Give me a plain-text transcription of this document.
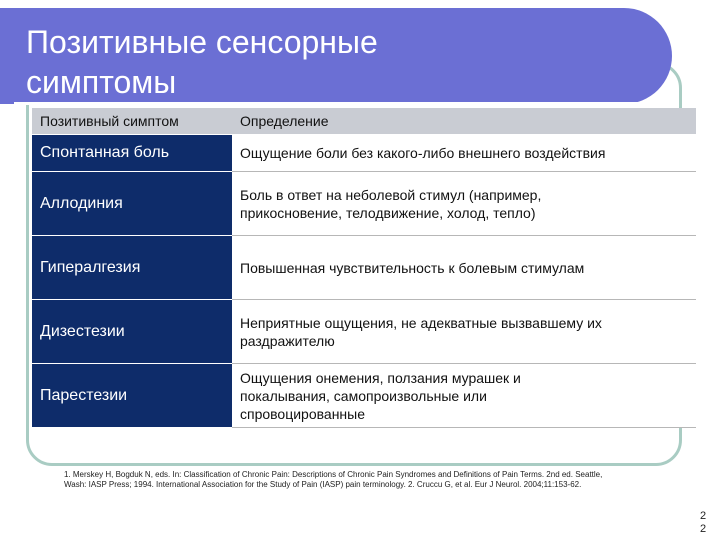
Позитивные сенсорные
симптомы
Позитивный симптом	Определение
Спонтанная боль	Ощущение боли без какого-либо внешнего воздействия
Аллодиния	Боль в ответ на неболевой стимул (например,
прикосновение, телодвижение, холод, тепло)
Гипералгезия	Повышенная чувствительность к болевым стимулам
Дизестезии	Неприятные ощущения, не адекватные вызвавшему их
раздражителю
Парестезии	Ощущения онемения, ползания мурашек и
покалывания, самопроизвольные или
спровоцированные
1. Merskey H, Bogduk N, eds. In: Classification of Chronic Pain: Descriptions of Chronic Pain Syndromes and Definitions of Pain Terms. 2nd ed. Seattle, Wash: IASP Press; 1994. International Association for the Study of Pain (IASP) pain terminology. 2. Cruccu G, et al. Eur J Neurol. 2004;11:153-62.
2
2
